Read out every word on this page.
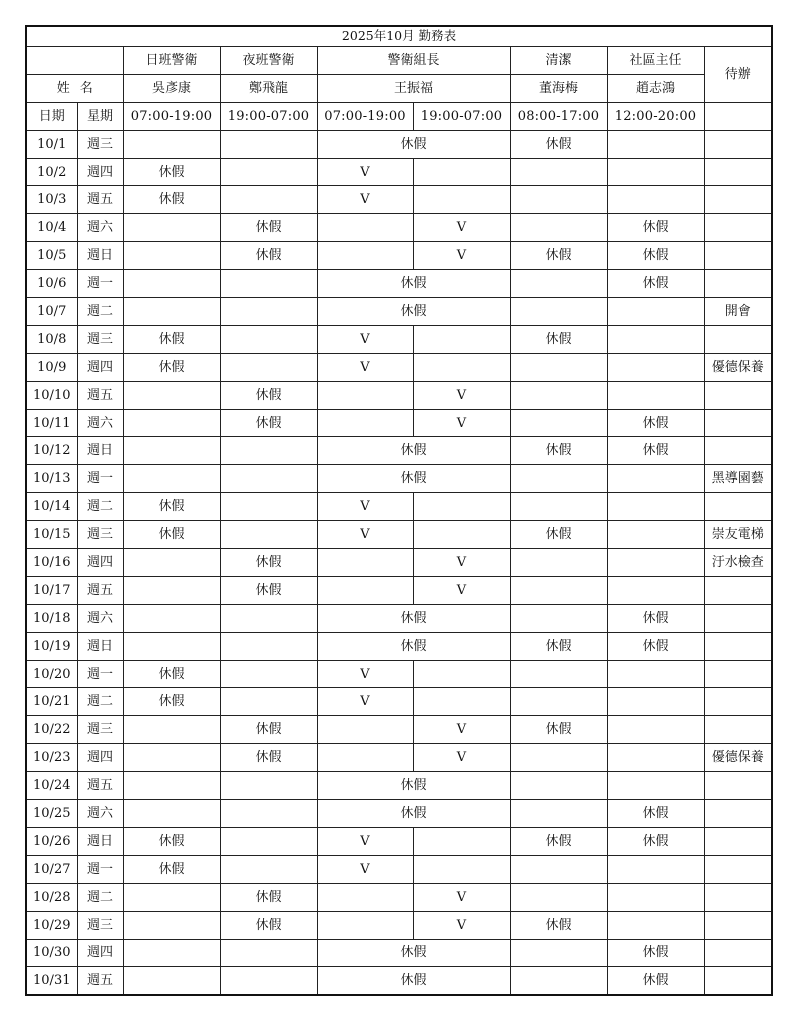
2025年10月 勤務表								
		日班警衛	夜班警衛	警衛組長		清潔	社區主任	待辦
姓名		吳彥康	鄭飛龍	王振福		董海梅	趙志鴻	
日期	星期	07:00-19:00	19:00-07:00	07:00-19:00	19:00-07:00	08:00-17:00	12:00-20:00	
10/1	週三			休假		休假		
10/2	週四	休假		V				
10/3	週五	休假		V				
10/4	週六		休假		V		休假	
10/5	週日		休假		V	休假	休假	
10/6	週一			休假			休假	
10/7	週二			休假				開會
10/8	週三	休假		V		休假		
10/9	週四	休假		V				優德保養
10/10	週五		休假		V			
10/11	週六		休假		V		休假	
10/12	週日			休假		休假	休假	
10/13	週一			休假				黑導園藝
10/14	週二	休假		V				
10/15	週三	休假		V		休假		崇友電梯
10/16	週四		休假		V			汙水檢查
10/17	週五		休假		V			
10/18	週六			休假			休假	
10/19	週日			休假		休假	休假	
10/20	週一	休假		V				
10/21	週二	休假		V				
10/22	週三		休假		V	休假		
10/23	週四		休假		V			優德保養
10/24	週五			休假				
10/25	週六			休假			休假	
10/26	週日	休假		V		休假	休假	
10/27	週一	休假		V				
10/28	週二		休假		V			
10/29	週三		休假		V	休假		
10/30	週四			休假			休假	
10/31	週五			休假			休假	
